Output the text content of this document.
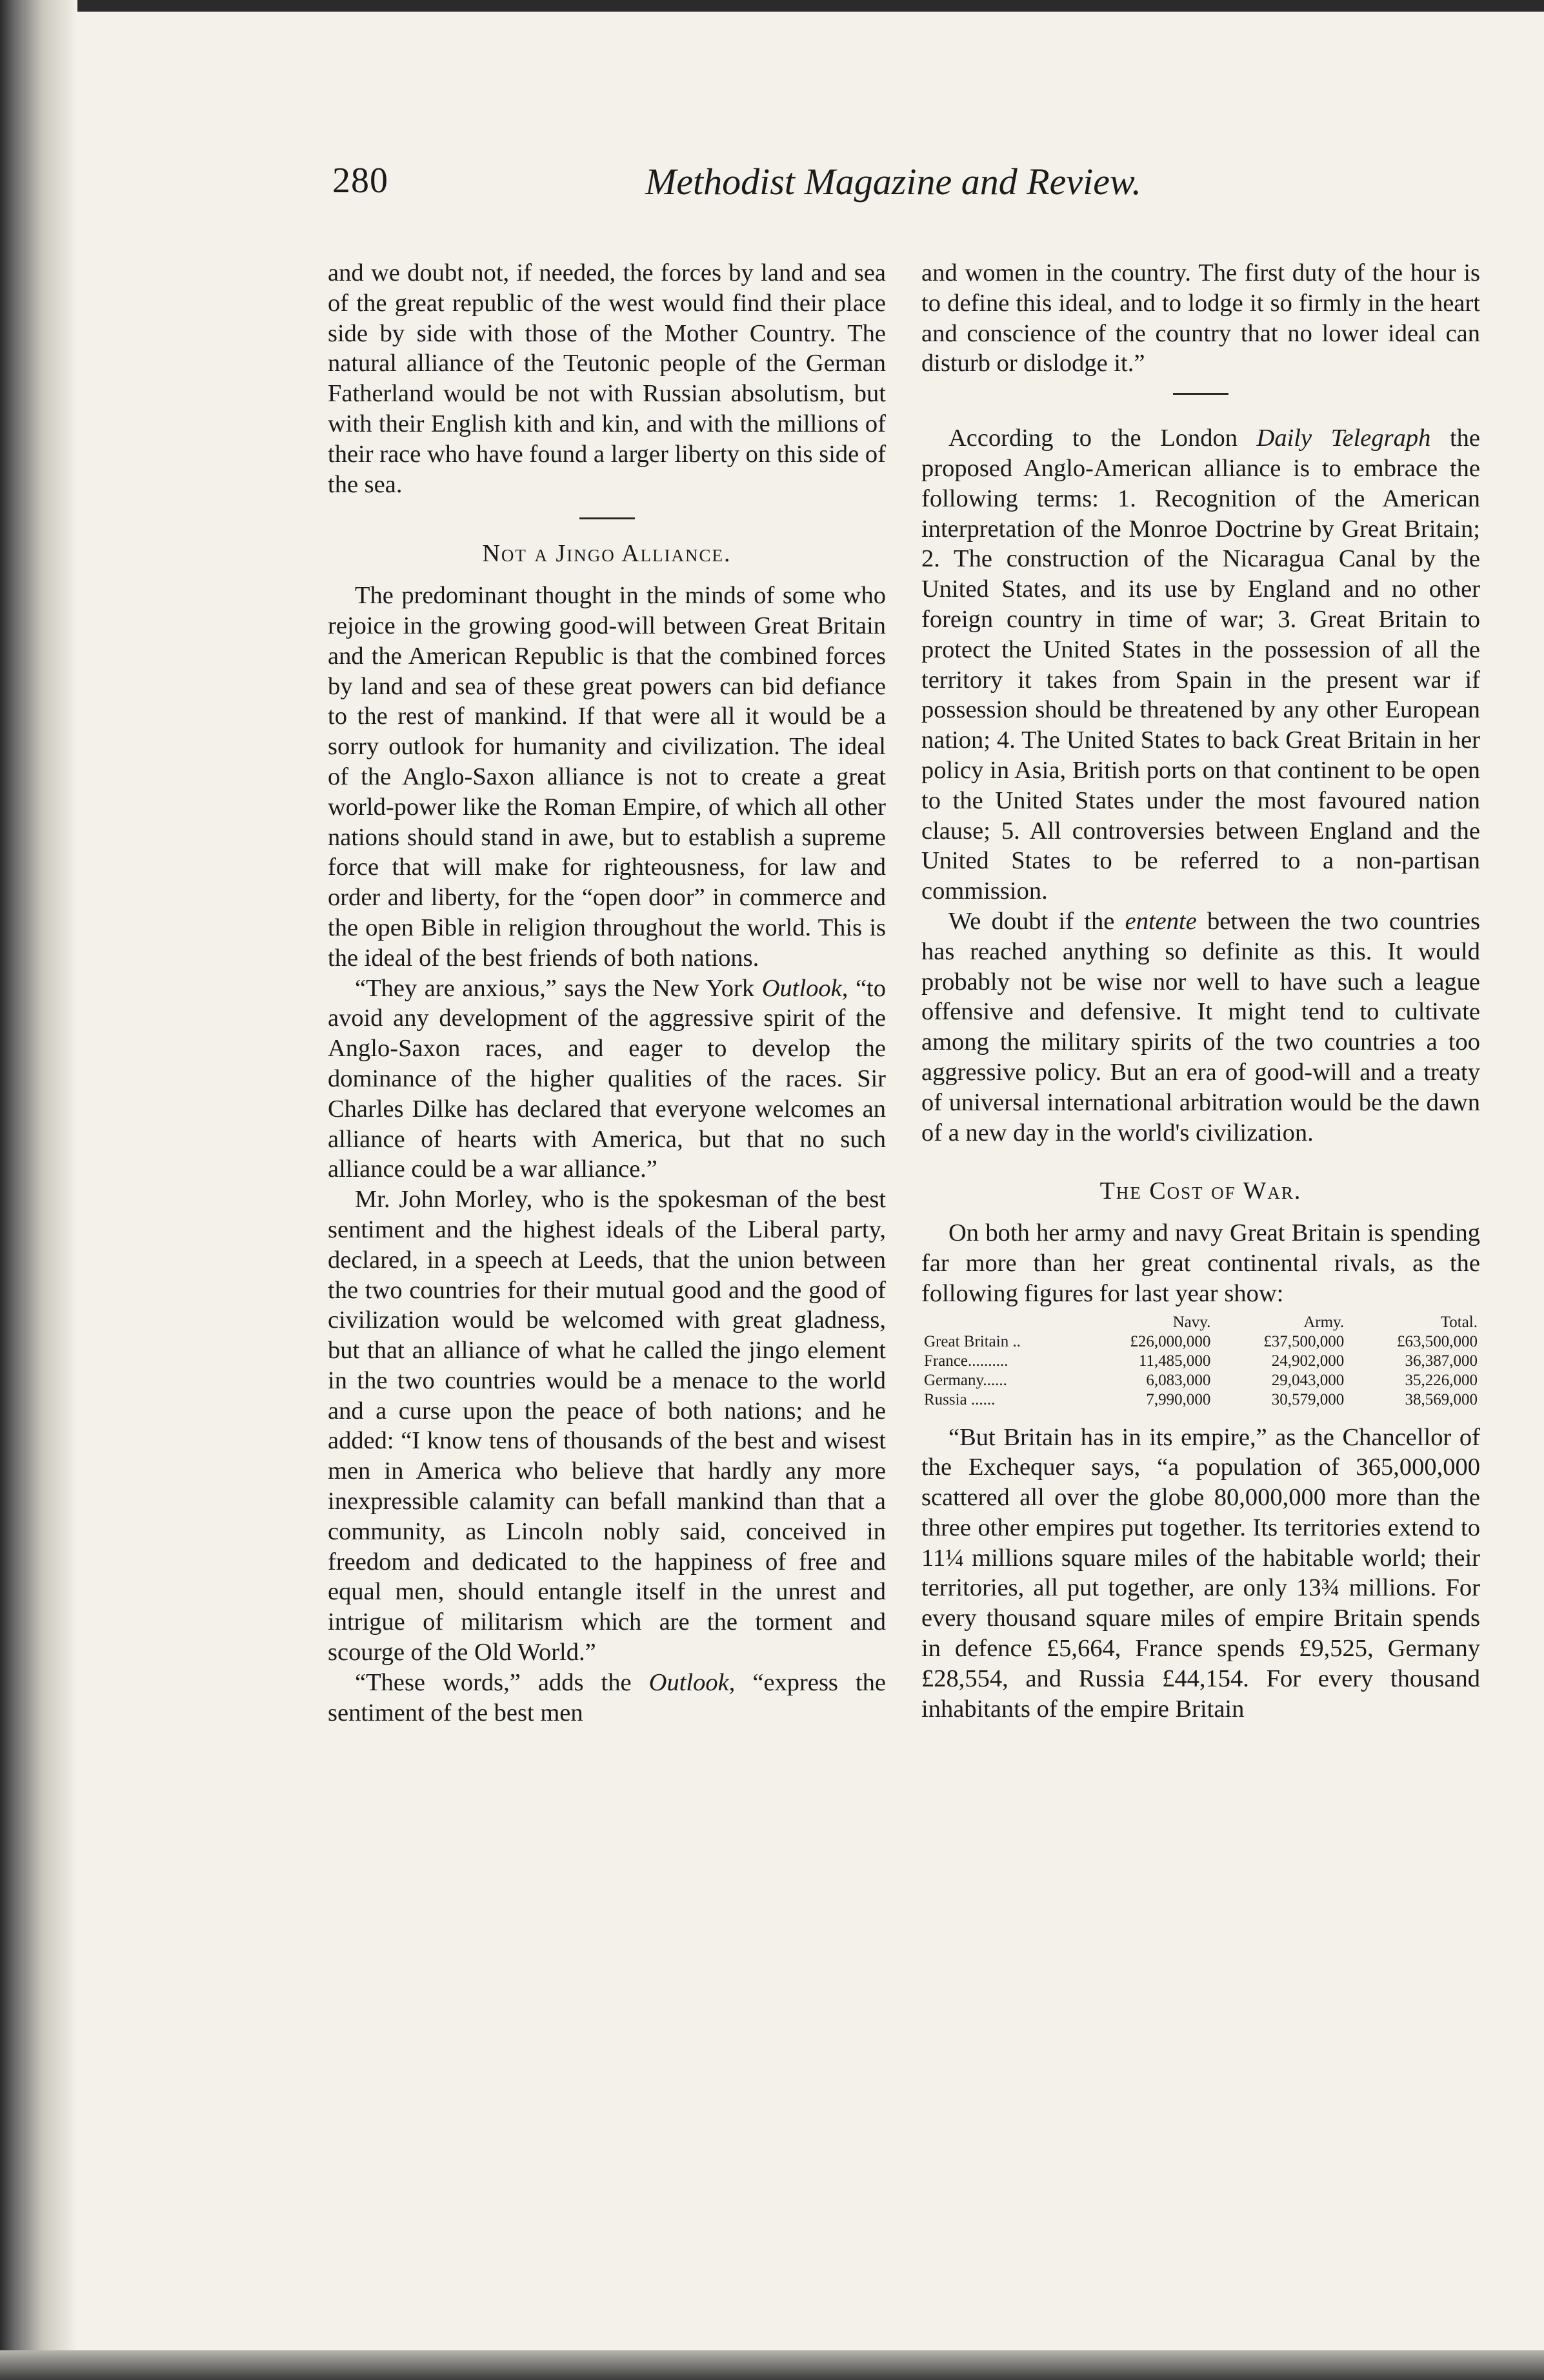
280	Methodist Magazine and Review.

and we doubt not, if needed, the forces by land and sea of the great republic of the west would find their place side by side with those of the Mother Country. The natural alliance of the Teutonic people of the German Fatherland would be not with Russian absolutism, but with their English kith and kin, and with the millions of their race who have found a larger liberty on this side of the sea.

Not a Jingo Alliance.

The predominant thought in the minds of some who rejoice in the growing good-will between Great Britain and the American Republic is that the combined forces by land and sea of these great powers can bid defiance to the rest of mankind. If that were all it would be a sorry outlook for humanity and civilization. The ideal of the Anglo-Saxon alliance is not to create a great world-power like the Roman Empire, of which all other nations should stand in awe, but to establish a supreme force that will make for righteousness, for law and order and liberty, for the “open door” in commerce and the open Bible in religion throughout the world. This is the ideal of the best friends of both nations.

“They are anxious,” says the New York Outlook, “to avoid any development of the aggressive spirit of the Anglo-Saxon races, and eager to develop the dominance of the higher qualities of the races. Sir Charles Dilke has declared that everyone welcomes an alliance of hearts with America, but that no such alliance could be a war alliance.”

Mr. John Morley, who is the spokesman of the best sentiment and the highest ideals of the Liberal party, declared, in a speech at Leeds, that the union between the two countries for their mutual good and the good of civilization would be welcomed with great gladness, but that an alliance of what he called the jingo element in the two countries would be a menace to the world and a curse upon the peace of both nations; and he added: “I know tens of thousands of the best and wisest men in America who believe that hardly any more inexpressible calamity can befall mankind than that a community, as Lincoln nobly said, conceived in freedom and dedicated to the happiness of free and equal men, should entangle itself in the unrest and intrigue of militarism which are the torment and scourge of the Old World.”

“These words,” adds the Outlook, “express the sentiment of the best men

and women in the country. The first duty of the hour is to define this ideal, and to lodge it so firmly in the heart and conscience of the country that no lower ideal can disturb or dislodge it.”

According to the London Daily Telegraph the proposed Anglo-American alliance is to embrace the following terms: 1. Recognition of the American interpretation of the Monroe Doctrine by Great Britain; 2. The construction of the Nicaragua Canal by the United States, and its use by England and no other foreign country in time of war; 3. Great Britain to protect the United States in the possession of all the territory it takes from Spain in the present war if possession should be threatened by any other European nation; 4. The United States to back Great Britain in her policy in Asia, British ports on that continent to be open to the United States under the most favoured nation clause; 5. All controversies between England and the United States to be referred to a non-partisan commission.

We doubt if the entente between the two countries has reached anything so definite as this. It would probably not be wise nor well to have such a league offensive and defensive. It might tend to cultivate among the military spirits of the two countries a too aggressive policy. But an era of good-will and a treaty of universal international arbitration would be the dawn of a new day in the world's civilization.

The Cost of War.

On both her army and navy Great Britain is spending far more than her great continental rivals, as the following figures for last year show:

	Navy.	Army.	Total.
Great Britain ..	£26,000,000	£37,500,000	£63,500,000
France..........	11,485,000	24,902,000	36,387,000
Germany......	6,083,000	29,043,000	35,226,000
Russia ......	7,990,000	30,579,000	38,569,000

“But Britain has in its empire,” as the Chancellor of the Exchequer says, “a population of 365,000,000 scattered all over the globe 80,000,000 more than the three other empires put together. Its territories extend to 11¼ millions square miles of the habitable world; their territories, all put together, are only 13¾ millions. For every thousand square miles of empire Britain spends in defence £5,664, France spends £9,525, Germany £28,554, and Russia £44,154. For every thousand inhabitants of the empire Britain
